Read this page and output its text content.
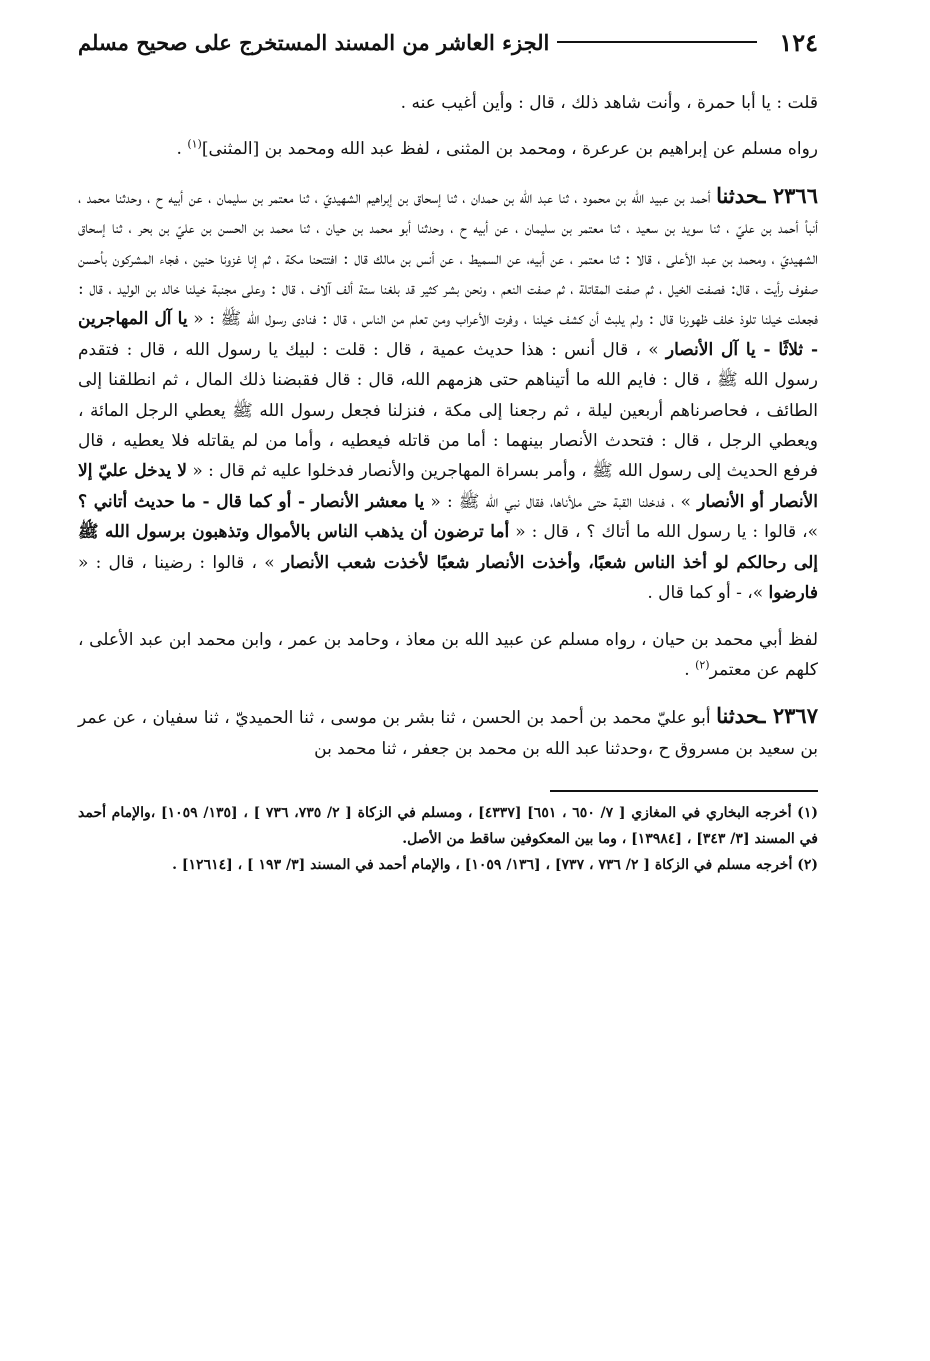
١٢٤
الجزء العاشر من المسند المستخرج على صحيح مسلم

قلت : يا أبا حمرة ، وأنت شاهد ذلك ، قال : وأين أغيب عنه .

رواه مسلم عن إبراهيم بن عرعرة ، ومحمد بن المثنى ، لفظ عبد الله ومحمد بن [المثنى]$^{(١)}$ .

٢٣٦٦ ـحدثنا أحمد بن عبيد الله بن محمود ، ثنا عبد الله بن حمدان ، ثنا إسحاق بن إبراهيم الشهيديّ ، ثنا معتمر بن سليمان ، عن أبيه ح ، وحدثنا محمد ، أنبأ أحمد بن عليّ ، ثنا سويد بن سعيد ، ثنا معتمر بن سليمان ، عن أبيه ح ، وحدثنا أبو محمد بن حيان ، ثنا محمد بن الحسن بن عليّ بن بحر ، ثنا إسحاق الشهيديّ ، ومحمد بن عبد الأعلى ، قالا : ثنا معتمر ، عن أبيه، عن السميط ، عن أنس بن مالك قال : افتتحنا مكة ، ثم إنا غزونا حنين ، فجاء المشركون بأحسن صفوف رأيت ، قال: فصفت الخيل ، ثم صفت المقاتلة ، ثم صفت النعم ، ونحن بشر كثير قد بلغنا ستة ألف آلاف ، قال : وعلى مجنبة خيلنا خالد بن الوليد ، قال : فجعلت خيلنا تلوذ خلف ظهورنا قال : ولم يلبث أن كشف خيلنا ، وفرت الأعراب ومن تعلم من الناس ، قال : فنادى رسول الله ﷺ : « يا آل المهاجرين - ثلاثًا - يا آل الأنصار » ، قال أنس : هذا حديث عمية ، قال : قلت : لبيك يا رسول الله ، قال : فتقدم رسول الله ﷺ ، قال : فايم الله ما أتيناهم حتى هزمهم الله، قال : قال فقبضنا ذلك المال ، ثم انطلقنا إلى الطائف ، فحاصرناهم أربعين ليلة ، ثم رجعنا إلى مكة ، فنزلنا فجعل رسول الله ﷺ يعطي الرجل المائة ، ويعطي الرجل ، قال : فتحدث الأنصار بينهما : أما من قاتله فيعطيه ، وأما من لم يقاتله فلا يعطيه ، قال فرفع الحديث إلى رسول الله ﷺ ، وأمر بسراة المهاجرين والأنصار فدخلوا عليه ثم قال : « لا يدخل عليّ إلا الأنصار أو الأنصار » ، فدخلنا القبة حتى ملأناها، فقال نبي الله ﷺ : « يا معشر الأنصار - أو كما قال - ما حديث أتاني ؟ »، قالوا : يا رسول الله ما أتاك ؟ ، قال : « أما ترضون أن يذهب الناس بالأموال وتذهبون برسول الله ﷺ إلى رحالكم لو أخذ الناس شعبًا، وأخذت الأنصار شعبًا لأخذت شعب الأنصار » ، قالوا : رضينا ، قال : « فارضوا »، - أو كما قال .

لفظ أبي محمد بن حيان ، رواه مسلم عن عبيد الله بن معاذ ، وحامد بن عمر ، وابن محمد ابن عبد الأعلى ، كلهم عن معتمر$^{(٢)}$ .

٢٣٦٧ ـحدثنا أبو عليّ محمد بن أحمد بن الحسن ، ثنا بشر بن موسى ، ثنا الحميديّ ، ثنا سفيان ، عن عمر بن سعيد بن مسروق ح ،وحدثنا عبد الله بن محمد بن جعفر ، ثنا محمد بن

(١) أخرجه البخاري في المغازي [ ٧/ ٦٥٠ ، ٦٥١] [٤٣٣٧] ، ومسلم في الزكاة [ ٢/ ٧٣٥، ٧٣٦ ] ، [١٣٥/ ١٠٥٩] ،والإمام أحمد في المسند [٣/ ٣٤٣] ، [١٣٩٨٤] ، وما بين المعكوفين ساقط من الأصل.

(٢) أخرجه مسلم في الزكاة [ ٢/ ٧٣٦ ، ٧٣٧] ، [١٣٦/ ١٠٥٩] ، والإمام أحمد في المسند [٣/ ١٩٣ ] ، [١٢٦١٤] .
